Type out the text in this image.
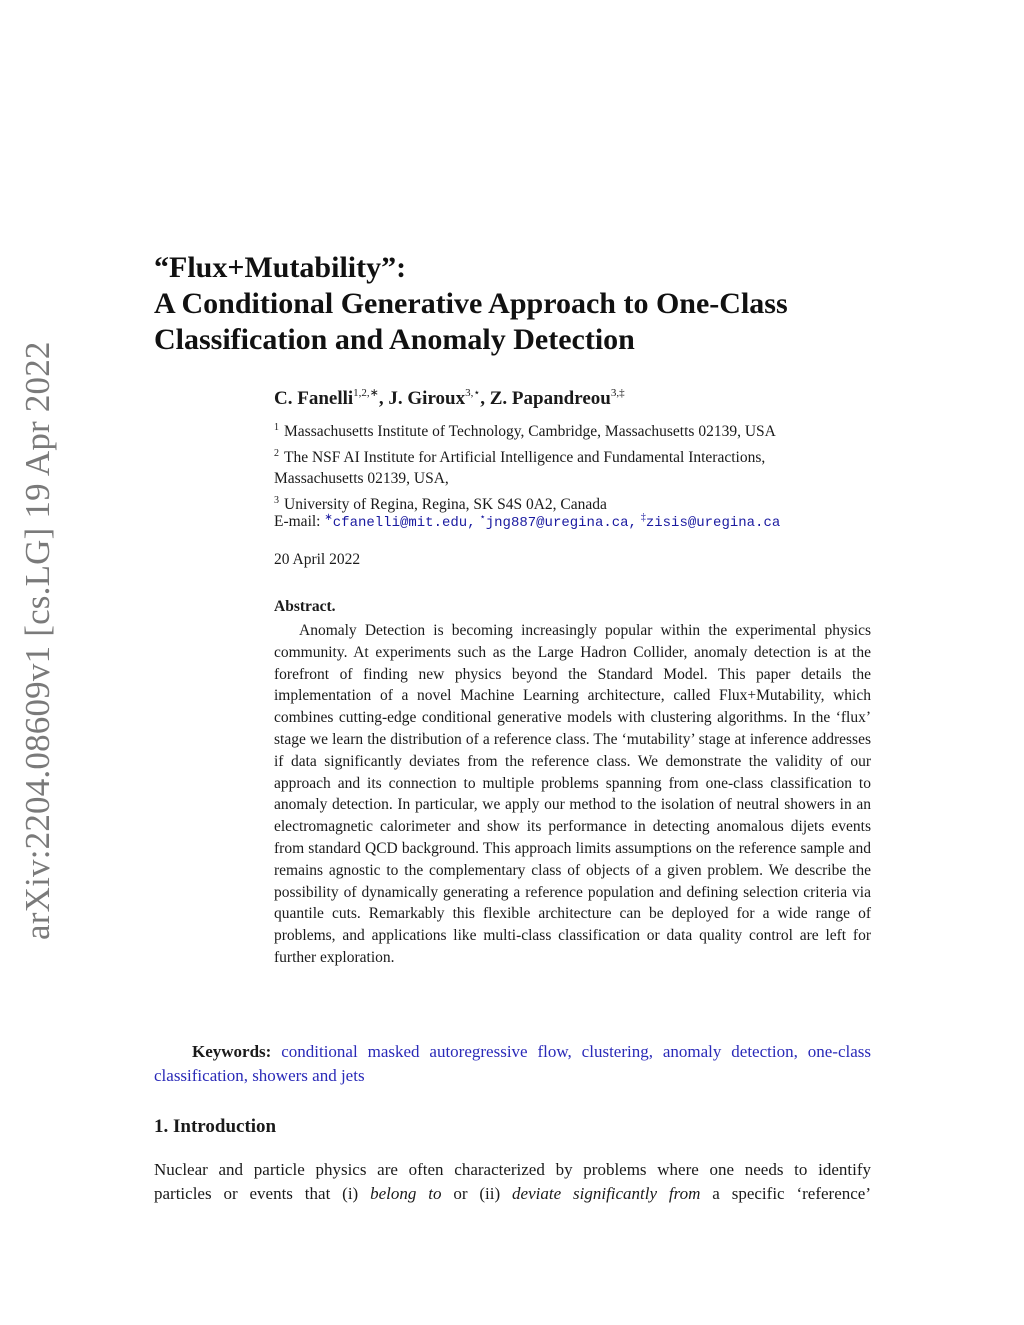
arXiv:2204.08609v1 [cs.LG] 19 Apr 2022
“Flux+Mutability”:
A Conditional Generative Approach to One-Class
Classification and Anomaly Detection
C. Fanelli$^{1,2,∗}$, J. Giroux$^{3,⋆}$, Z. Papandreou$^{3,\ddagger}$
$^1$ Massachusetts Institute of Technology, Cambridge, Massachusetts 02139, USA
$^2$ The NSF AI Institute for Artificial Intelligence and Fundamental Interactions,
Massachusetts 02139, USA,
$^3$ University of Regina, Regina, SK S4S 0A2, Canada
E-mail: ∗cfanelli@mit.edu, ⋆jng887@uregina.ca, ‡zisis@uregina.ca
20 April 2022
Abstract.
Anomaly Detection is becoming increasingly popular within the experimental physics community. At experiments such as the Large Hadron Collider, anomaly detection is at the forefront of finding new physics beyond the Standard Model. This paper details the implementation of a novel Machine Learning architecture, called Flux+Mutability, which combines cutting-edge conditional generative models with clustering algorithms. In the ‘flux’ stage we learn the distribution of a reference class. The ‘mutability’ stage at inference addresses if data significantly deviates from the reference class. We demonstrate the validity of our approach and its connection to multiple problems spanning from one-class classification to anomaly detection. In particular, we apply our method to the isolation of neutral showers in an electromagnetic calorimeter and show its performance in detecting anomalous dijets events from standard QCD background. This approach limits assumptions on the reference sample and remains agnostic to the complementary class of objects of a given problem. We describe the possibility of dynamically generating a reference population and defining selection criteria via quantile cuts. Remarkably this flexible architecture can be deployed for a wide range of problems, and applications like multi-class classification or data quality control are left for further exploration.
Keywords: conditional masked autoregressive flow, clustering, anomaly detection, one-class classification, showers and jets
1. Introduction
Nuclear and particle physics are often characterized by problems where one needs to identify
particles or events that (i) belong to or (ii) deviate significantly from a specific ‘reference’
